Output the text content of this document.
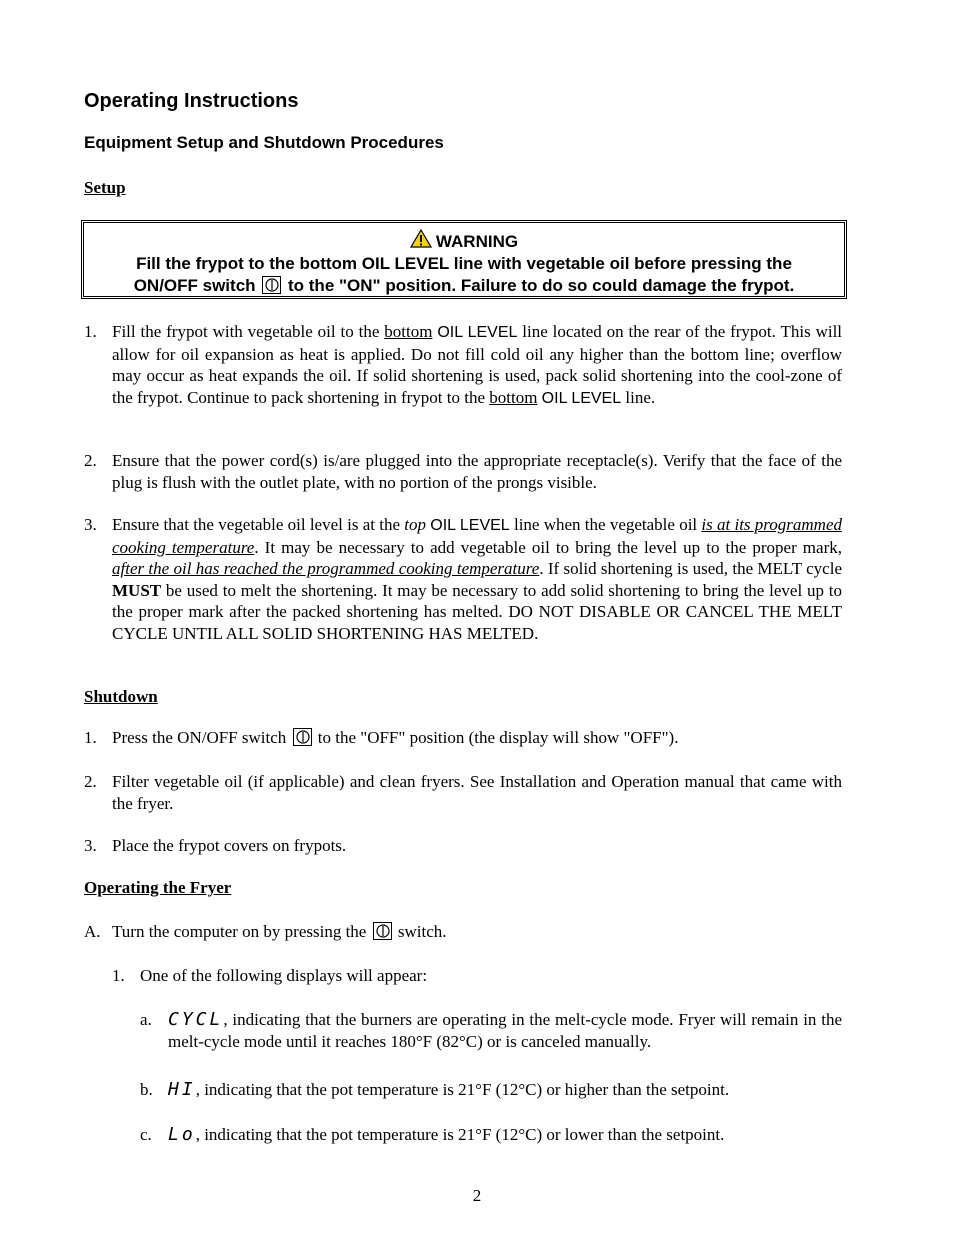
Operating Instructions
Equipment Setup and Shutdown Procedures
Setup
WARNING
Fill the frypot to the bottom OIL LEVEL line with vegetable oil before pressing the
ON/OFF switch to the "ON" position. Failure to do so could damage the frypot.
1. Fill the frypot with vegetable oil to the bottom OIL LEVEL line located on the rear of the frypot. This will allow for oil expansion as heat is applied. Do not fill cold oil any higher than the bottom line; overflow may occur as heat expands the oil. If solid shortening is used, pack solid shortening into the cool-zone of the frypot. Continue to pack shortening in frypot to the bottom OIL LEVEL line.
2. Ensure that the power cord(s) is/are plugged into the appropriate receptacle(s). Verify that the face of the plug is flush with the outlet plate, with no portion of the prongs visible.
3. Ensure that the vegetable oil level is at the top OIL LEVEL line when the vegetable oil is at its programmed cooking temperature. It may be necessary to add vegetable oil to bring the level up to the proper mark, after the oil has reached the programmed cooking temperature. If solid shortening is used, the MELT cycle MUST be used to melt the shortening. It may be necessary to add solid shortening to bring the level up to the proper mark after the packed shortening has melted. DO NOT DISABLE OR CANCEL THE MELT CYCLE UNTIL ALL SOLID SHORTENING HAS MELTED.
Shutdown
1. Press the ON/OFF switch to the "OFF" position (the display will show "OFF").
2. Filter vegetable oil (if applicable) and clean fryers. See Installation and Operation manual that came with the fryer.
3. Place the frypot covers on frypots.
Operating the Fryer
A. Turn the computer on by pressing the switch.
1. One of the following displays will appear:
a. CYCL, indicating that the burners are operating in the melt-cycle mode. Fryer will remain in the melt-cycle mode until it reaches 180°F (82°C) or is canceled manually.
b. HI, indicating that the pot temperature is 21°F (12°C) or higher than the setpoint.
c. Lo, indicating that the pot temperature is 21°F (12°C) or lower than the setpoint.
2
